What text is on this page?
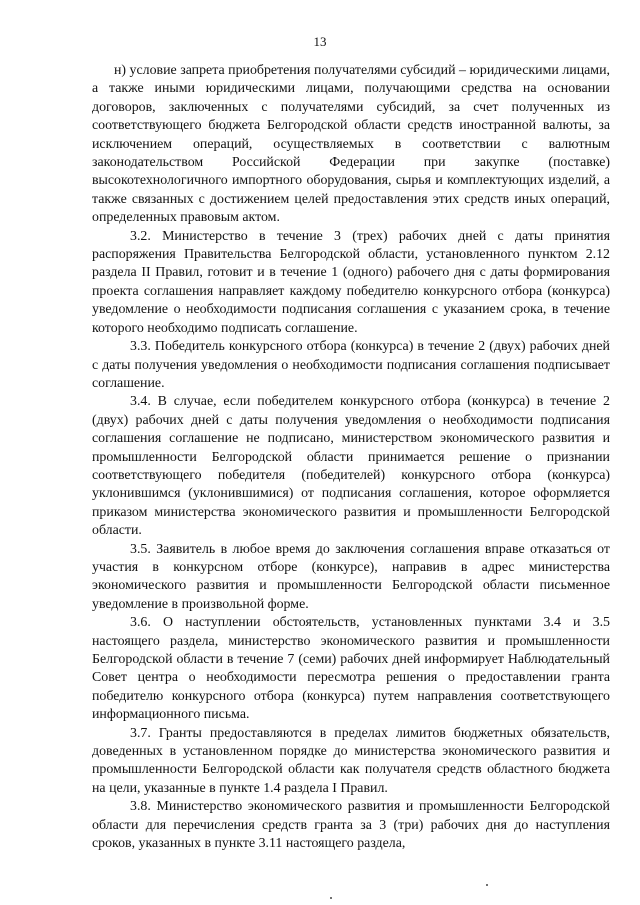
13

н) условие запрета приобретения получателями субсидий – юридическими лицами, а также иными юридическими лицами, получающими средства на основании договоров, заключенных с получателями субсидий, за счет полученных из соответствующего бюджета Белгородской области средств иностранной валюты, за исключением операций, осуществляемых в соответствии с валютным законодательством Российской Федерации при закупке (поставке) высокотехнологичного импортного оборудования, сырья и комплектующих изделий, а также связанных с достижением целей предоставления этих средств иных операций, определенных правовым актом.

3.2. Министерство в течение 3 (трех) рабочих дней с даты принятия распоряжения Правительства Белгородской области, установленного пунктом 2.12 раздела II Правил, готовит и в течение 1 (одного) рабочего дня с даты формирования проекта соглашения направляет каждому победителю конкурсного отбора (конкурса) уведомление о необходимости подписания соглашения с указанием срока, в течение которого необходимо подписать соглашение.

3.3. Победитель конкурсного отбора (конкурса) в течение 2 (двух) рабочих дней с даты получения уведомления о необходимости подписания соглашения подписывает соглашение.

3.4. В случае, если победителем конкурсного отбора (конкурса) в течение 2 (двух) рабочих дней с даты получения уведомления о необходимости подписания соглашения соглашение не подписано, министерством экономического развития и промышленности Белгородской области принимается решение о признании соответствующего победителя (победителей) конкурсного отбора (конкурса) уклонившимся (уклонившимися) от подписания соглашения, которое оформляется приказом министерства экономического развития и промышленности Белгородской области.

3.5. Заявитель в любое время до заключения соглашения вправе отказаться от участия в конкурсном отборе (конкурсе), направив в адрес министерства экономического развития и промышленности Белгородской области письменное уведомление в произвольной форме.

3.6. О наступлении обстоятельств, установленных пунктами 3.4 и 3.5 настоящего раздела, министерство экономического развития и промышленности Белгородской области в течение 7 (семи) рабочих дней информирует Наблюдательный Совет центра о необходимости пересмотра решения о предоставлении гранта победителю конкурсного отбора (конкурса) путем направления соответствующего информационного письма.

3.7. Гранты предоставляются в пределах лимитов бюджетных обязательств, доведенных в установленном порядке до министерства экономического развития и промышленности Белгородской области как получателя средств областного бюджета на цели, указанные в пункте 1.4 раздела I Правил.

3.8. Министерство экономического развития и промышленности Белгородской области для перечисления средств гранта за 3 (три) рабочих дня до наступления сроков, указанных в пункте 3.11 настоящего раздела,
